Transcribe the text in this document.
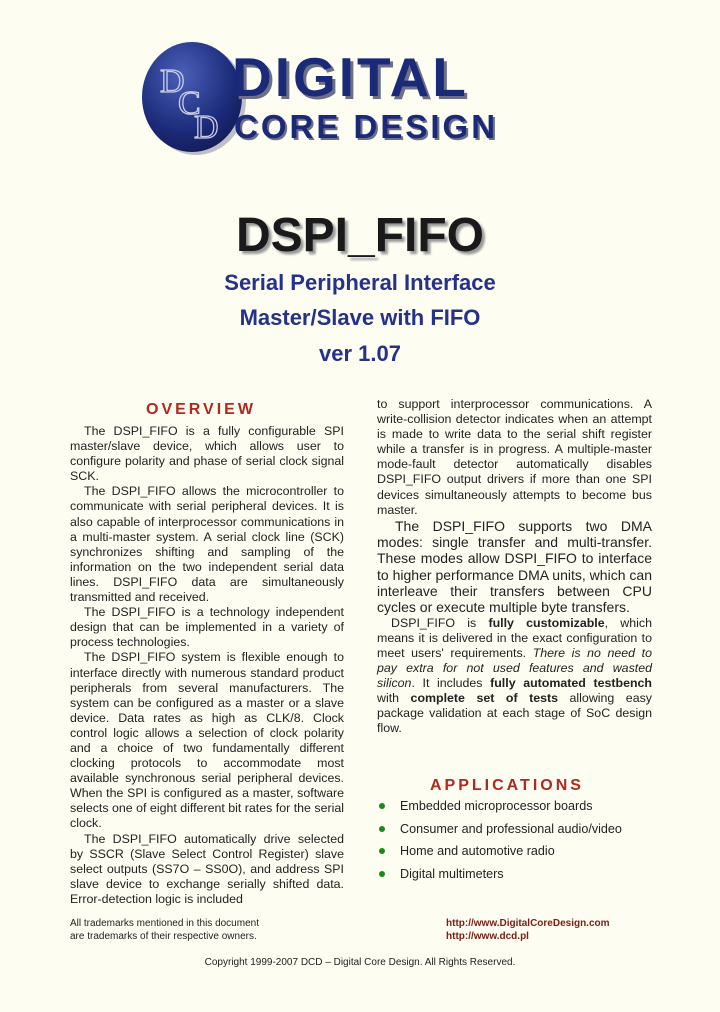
D
C
D
DIGITAL
CORE DESIGN
DSPI_FIFO
Serial Peripheral Interface
Master/Slave with FIFO
ver 1.07
OVERVIEW

The DSPI_FIFO is a fully configurable SPI master/slave device, which allows user to configure polarity and phase of serial clock signal SCK.

The DSPI_FIFO allows the microcontroller to communicate with serial peripheral devices. It is also capable of interprocessor communications in a multi-master system. A serial clock line (SCK) synchronizes shifting and sampling of the information on the two independent serial data lines. DSPI_FIFO data are simultaneously transmitted and received.

The DSPI_FIFO is a technology independent design that can be implemented in a variety of process technologies.

The DSPI_FIFO system is flexible enough to interface directly with numerous standard product peripherals from several manufacturers. The system can be configured as a master or a slave device. Data rates as high as CLK/8. Clock control logic allows a selection of clock polarity and a choice of two fundamentally different clocking protocols to accommodate most available synchronous serial peripheral devices. When the SPI is configured as a master, software selects one of eight different bit rates for the serial clock.

The DSPI_FIFO automatically drive selected by SSCR (Slave Select Control Register) slave select outputs (SS7O – SS0O), and address SPI slave device to exchange serially shifted data. Error-detection logic is included

to support interprocessor communications. A write-collision detector indicates when an attempt is made to write data to the serial shift register while a transfer is in progress. A multiple-master mode-fault detector automatically disables DSPI_FIFO output drivers if more than one SPI devices simultaneously attempts to become bus master.

The DSPI_FIFO supports two DMA modes: single transfer and multi-transfer. These modes allow DSPI_FIFO to interface to higher performance DMA units, which can interleave their transfers between CPU cycles or execute multiple byte transfers.

DSPI_FIFO is fully customizable, which means it is delivered in the exact configuration to meet users' requirements. There is no need to pay extra for not used features and wasted silicon. It includes fully automated testbench with complete set of tests allowing easy package validation at each stage of SoC design flow.

APPLICATIONS
Embedded microprocessor boards
Consumer and professional audio/video
Home and automotive radio
Digital multimeters
All trademarks mentioned in this document
are trademarks of their respective owners.
http://www.DigitalCoreDesign.com
http://www.dcd.pl
Copyright 1999-2007 DCD – Digital Core Design. All Rights Reserved.
